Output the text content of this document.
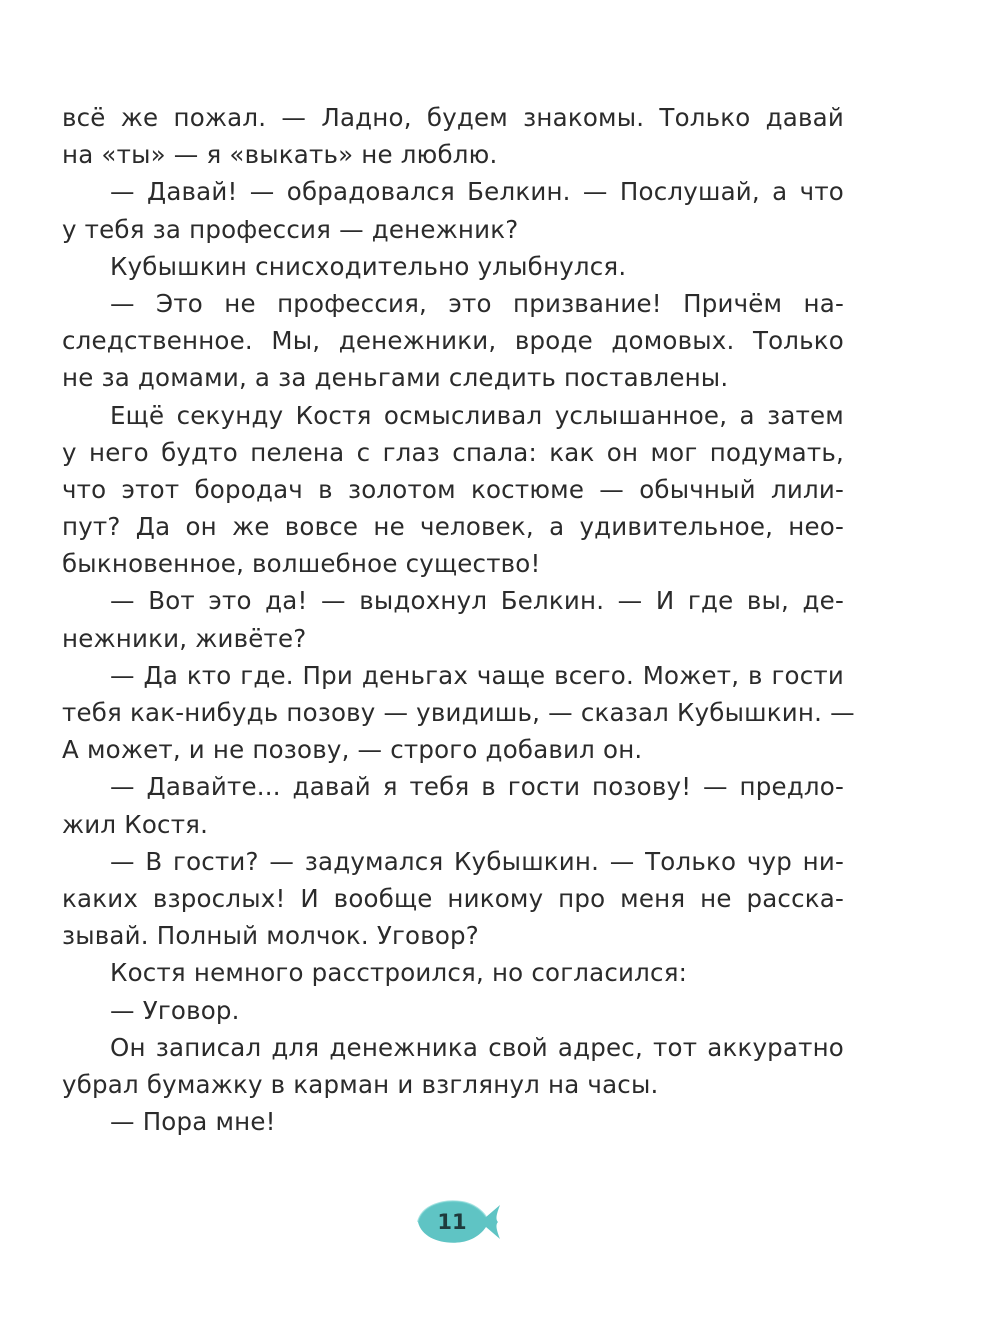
всё же пожал. — Ладно, будем знакомы. Только давай
на «ты» — я «выкать» не люблю.
— Давай! — обрадовался Белкин. — Послушай, а что
у тебя за профессия — денежник?
Кубышкин снисходительно улыбнулся.
— Это не профессия, это призвание! Причём на-
следственное. Мы, денежники, вроде домовых. Только
не за домами, а за деньгами следить поставлены.
Ещё секунду Костя осмысливал услышанное, а затем
у него будто пелена с глаз спала: как он мог подумать,
что этот бородач в золотом костюме — обычный лили-
пут? Да он же вовсе не человек, а удивительное, нео-
быкновенное, волшебное существо!
— Вот это да! — выдохнул Белкин. — И где вы, де-
нежники, живёте?
— Да кто где. При деньгах чаще всего. Может, в гости
тебя как-нибудь позову — увидишь, — сказал Кубышкин. —
А может, и не позову, — строго добавил он.
— Давайте... давай я тебя в гости позову! — предло-
жил Костя.
— В гости? — задумался Кубышкин. — Только чур ни-
каких взрослых! И вообще никому про меня не расска-
зывай. Полный молчок. Уговор?
Костя немного расстроился, но согласился:
— Уговор.
Он записал для денежника свой адрес, тот аккуратно
убрал бумажку в карман и взглянул на часы.
— Пора мне!
11
